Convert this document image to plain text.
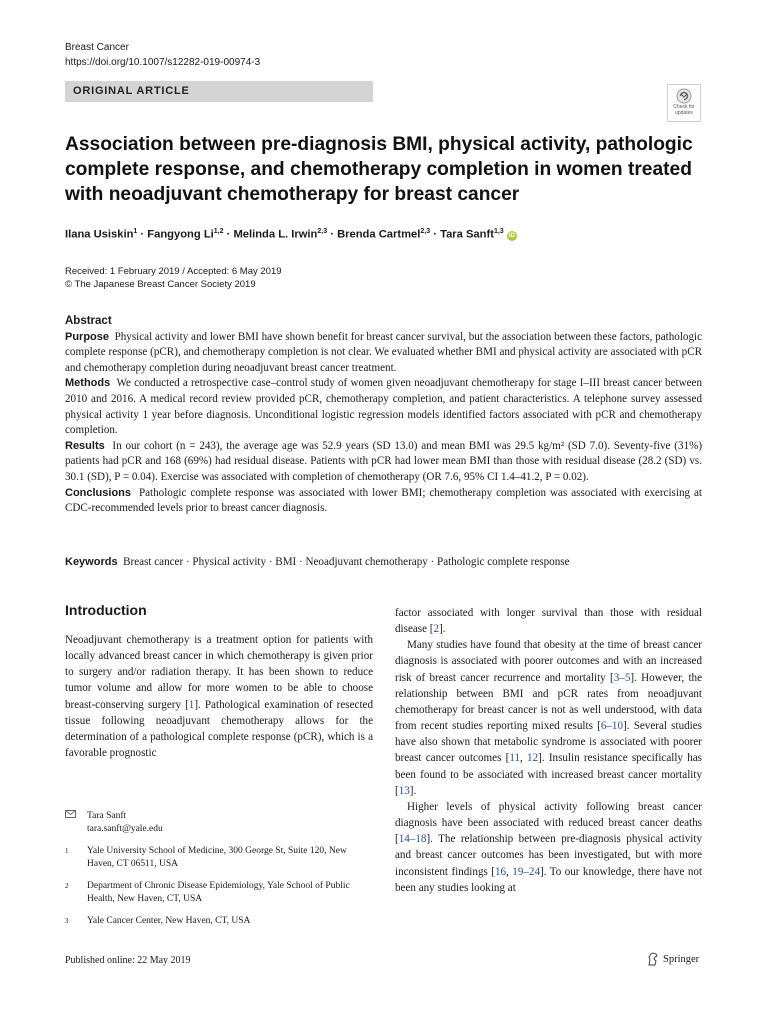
Breast Cancer
https://doi.org/10.1007/s12282-019-00974-3
ORIGINAL ARTICLE
Check for
updates
Association between pre-diagnosis BMI, physical activity, pathologic complete response, and chemotherapy completion in women treated with neoadjuvant chemotherapy for breast cancer
Ilana Usiskin$^1$ · Fangyong Li$^{1,2}$ · Melinda L. Irwin$^{2,3}$ · Brenda Cartmel$^{2,3}$ · Tara Sanft$^{1,3}$ iD
Received: 1 February 2019 / Accepted: 6 May 2019
© The Japanese Breast Cancer Society 2019
Abstract

Purpose Physical activity and lower BMI have shown benefit for breast cancer survival, but the association between these factors, pathologic complete response (pCR), and chemotherapy completion is not clear. We evaluated whether BMI and physical activity are associated with pCR and chemotherapy completion during neoadjuvant breast cancer treatment.

Methods We conducted a retrospective case–control study of women given neoadjuvant chemotherapy for stage I–III breast cancer between 2010 and 2016. A medical record review provided pCR, chemotherapy completion, and patient characteristics. A telephone survey assessed physical activity 1 year before diagnosis. Unconditional logistic regression models identified factors associated with pCR and chemotherapy completion.

Results In our cohort (n = 243), the average age was 52.9 years (SD 13.0) and mean BMI was 29.5 kg/m² (SD 7.0). Seventy-five (31%) patients had pCR and 168 (69%) had residual disease. Patients with pCR had lower mean BMI than those with residual disease (28.2 (SD) vs. 30.1 (SD), P = 0.04). Exercise was associated with completion of chemotherapy (OR 7.6, 95% CI 1.4–41.2, P = 0.02).

Conclusions Pathologic complete response was associated with lower BMI; chemotherapy completion was associated with exercising at CDC-recommended levels prior to breast cancer diagnosis.

Keywords Breast cancer · Physical activity · BMI · Neoadjuvant chemotherapy · Pathologic complete response
Introduction

Neoadjuvant chemotherapy is a treatment option for patients with locally advanced breast cancer in which chemotherapy is given prior to surgery and/or radiation therapy. It has been shown to reduce tumor volume and allow for more women to be able to choose breast-conserving surgery [1]. Pathological examination of resected tissue following neoadjuvant chemotherapy allows for the determination of a pathological complete response (pCR), which is a favorable prognostic

factor associated with longer survival than those with residual disease [2].

Many studies have found that obesity at the time of breast cancer diagnosis is associated with poorer outcomes and with an increased risk of breast cancer recurrence and mortality [3–5]. However, the relationship between BMI and pCR rates from neoadjuvant chemotherapy for breast cancer is not as well understood, with data from recent studies reporting mixed results [6–10]. Several studies have also shown that metabolic syndrome is associated with poorer breast cancer outcomes [11, 12]. Insulin resistance specifically has been found to be associated with increased breast cancer mortality [13].

Higher levels of physical activity following breast cancer diagnosis have been associated with reduced breast cancer deaths [14–18]. The relationship between pre-diagnosis physical activity and breast cancer outcomes has been investigated, but with more inconsistent findings [16, 19–24]. To our knowledge, there have not been any studies looking at

Tara Sanft
tara.sanft@yale.edu
1	Yale University School of Medicine, 300 George St, Suite 120, New Haven, CT 06511, USA
2	Department of Chronic Disease Epidemiology, Yale School of Public Health, New Haven, CT, USA
3	Yale Cancer Center, New Haven, CT, USA
Published online: 22 May 2019	Springer
